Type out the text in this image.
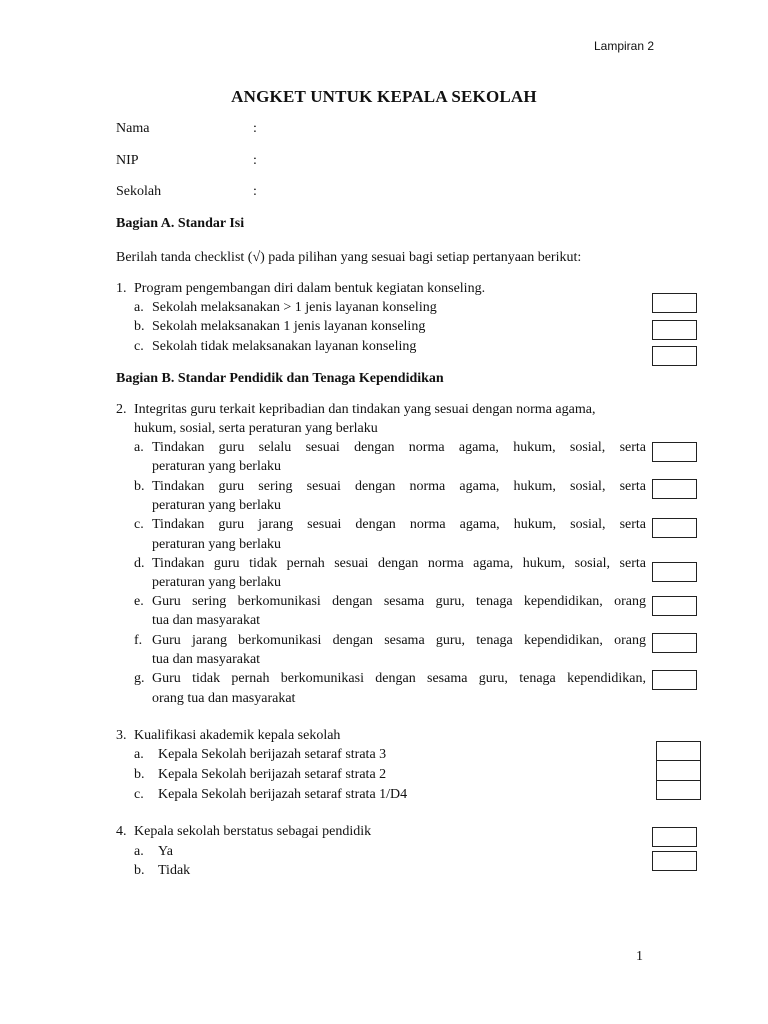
Lampiran 2
ANGKET UNTUK KEPALA SEKOLAH
Nama	:
NIP	:
Sekolah	:
Bagian A. Standar Isi
Berilah tanda checklist (√) pada pilihan yang sesuai bagi setiap pertanyaan berikut:
1. Program pengembangan diri dalam bentuk kegiatan konseling.
a. Sekolah melaksanakan > 1 jenis layanan konseling
b. Sekolah melaksanakan 1 jenis layanan konseling
c. Sekolah tidak melaksanakan layanan konseling
Bagian B. Standar Pendidik dan Tenaga Kependidikan
2. Integritas guru terkait kepribadian dan tindakan yang sesuai dengan norma agama,
hukum, sosial, serta peraturan yang berlaku
a. Tindakan guru selalu sesuai dengan norma agama, hukum, sosial, serta
peraturan yang berlaku
b. Tindakan guru sering sesuai dengan norma agama, hukum, sosial, serta
peraturan yang berlaku
c. Tindakan guru jarang sesuai dengan norma agama, hukum, sosial, serta
peraturan yang berlaku
d. Tindakan guru tidak pernah sesuai dengan norma agama, hukum, sosial, serta
peraturan yang berlaku
e. Guru sering berkomunikasi dengan sesama guru, tenaga kependidikan, orang
tua dan masyarakat
f. Guru jarang berkomunikasi dengan sesama guru, tenaga kependidikan, orang
tua dan masyarakat
g. Guru tidak pernah berkomunikasi dengan sesama guru, tenaga kependidikan,
orang tua dan masyarakat
3. Kualifikasi akademik kepala sekolah
a. Kepala Sekolah berijazah setaraf strata 3
b. Kepala Sekolah berijazah setaraf strata 2
c. Kepala Sekolah berijazah setaraf strata 1/D4
4. Kepala sekolah berstatus sebagai pendidik
a. Ya
b. Tidak
1
